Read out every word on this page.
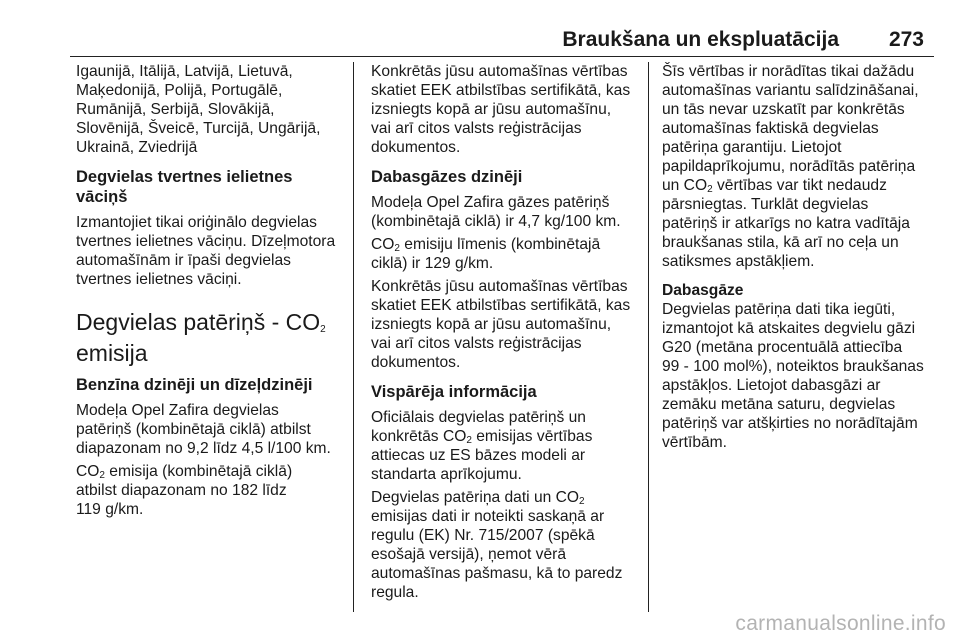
Braukšana un ekspluatācija 273

Igaunijā, Itālijā, Latvijā, Lietuvā,
Maķedonijā, Polijā, Portugālē,
Rumānijā, Serbijā, Slovākijā,
Slovēnijā, Šveicē, Turcijā, Ungārijā,
Ukrainā, Zviedrijā

Degvielas tvertnes ielietnes
vāciņš

Izmantojiet tikai oriģinālo degvielas
tvertnes ielietnes vāciņu. Dīzeļmotora
automašīnām ir īpaši degvielas
tvertnes ielietnes vāciņi.

Degvielas patēriņš - $CO_2$
emisija
Benzīna dzinēji un dīzeļdzinēji

Modeļa Opel Zafira degvielas
patēriņš (kombinētajā ciklā) atbilst
diapazonam no 9,2 līdz 4,5 l/100 km.

$CO_2$ emisija (kombinētajā ciklā)
atbilst diapazonam no 182 līdz
119 g/km.

Konkrētās jūsu automašīnas vērtības
skatiet EEK atbilstības sertifikātā, kas
izsniegts kopā ar jūsu automašīnu,
vai arī citos valsts reģistrācijas
dokumentos.

Dabasgāzes dzinēji

Modeļa Opel Zafira gāzes patēriņš
(kombinētajā ciklā) ir 4,7 kg/100 km.

$CO_2$ emisiju līmenis (kombinētajā
ciklā) ir 129 g/km.

Konkrētās jūsu automašīnas vērtības
skatiet EEK atbilstības sertifikātā, kas
izsniegts kopā ar jūsu automašīnu,
vai arī citos valsts reģistrācijas
dokumentos.

Vispārēja informācija

Oficiālais degvielas patēriņš un
konkrētās $CO_2$ emisijas vērtības
attiecas uz ES bāzes modeli ar
standarta aprīkojumu.

Degvielas patēriņa dati un $CO_2$
emisijas dati ir noteikti saskaņā ar
regulu (EK) Nr. 715/2007 (spēkā
esošajā versijā), ņemot vērā
automašīnas pašmasu, kā to paredz
regula.

Šīs vērtības ir norādītas tikai dažādu
automašīnas variantu salīdzināšanai,
un tās nevar uzskatīt par konkrētās
automašīnas faktiskā degvielas
patēriņa garantiju. Lietojot
papildaprīkojumu, norādītās patēriņa
un $CO_2$ vērtības var tikt nedaudz
pārsniegtas. Turklāt degvielas
patēriņš ir atkarīgs no katra vadītāja
braukšanas stila, kā arī no ceļa un
satiksmes apstākļiem.

Dabasgāze

Degvielas patēriņa dati tika iegūti,
izmantojot kā atskaites degvielu gāzi
G20 (metāna procentuālā attiecība
99 - 100 mol%), noteiktos braukšanas
apstākļos. Lietojot dabasgāzi ar
zemāku metāna saturu, degvielas
patēriņš var atšķirties no norādītajām
vērtībām.

carmanualsonline.info
